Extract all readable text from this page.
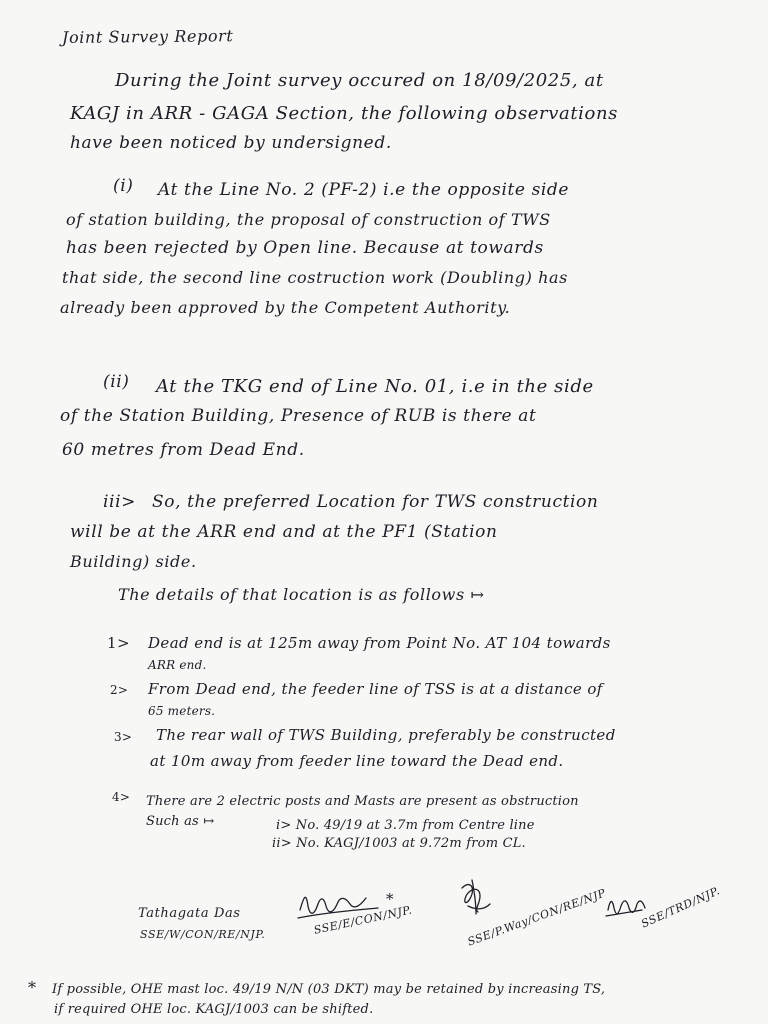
Joint Survey Report
During the Joint survey occured on 18/09/2025, at
KAGJ in ARR - GAGA Section, the following observations
have been noticed by undersigned.
(i) At the Line No. 2 (PF-2) i.e the opposite side
of station building, the proposal of construction of TWS
has been rejected by Open line. Because at towards
that side, the second line costruction work (Doubling) has
already been approved by the Competent Authority.
(ii) At the TKG end of Line No. 01, i.e in the side
of the Station Building, Presence of RUB is there at
60 metres from Dead End.
iii> So, the preferred Location for TWS construction
will be at the ARR end and at the PF1 (Station
Building) side.
The details of that location is as follows ↦
1> Dead end is at 125m away from Point No. AT 104 towards
ARR end.
2> From Dead end, the feeder line of TSS is at a distance of
65 meters.
3> The rear wall of TWS Building, preferably be constructed
at 10m away from feeder line toward the Dead end.
4> There are 2 electric posts and Masts are present as obstruction
Such as ↦	i> No. 49/19 at 3.7m from Centre line
ii> No. KAGJ/1003 at 9.72m from CL.
Tathagata Das
SSE/W/CON/RE/NJP.
*
SSE/E/CON/NJP.	SSE/P.Way/CON/RE/NJP	SSE/TRD/NJP.
* If possible, OHE mast loc. 49/19 N/N (03 DKT) may be retained by increasing TS,
if required OHE loc. KAGJ/1003 can be shifted.
